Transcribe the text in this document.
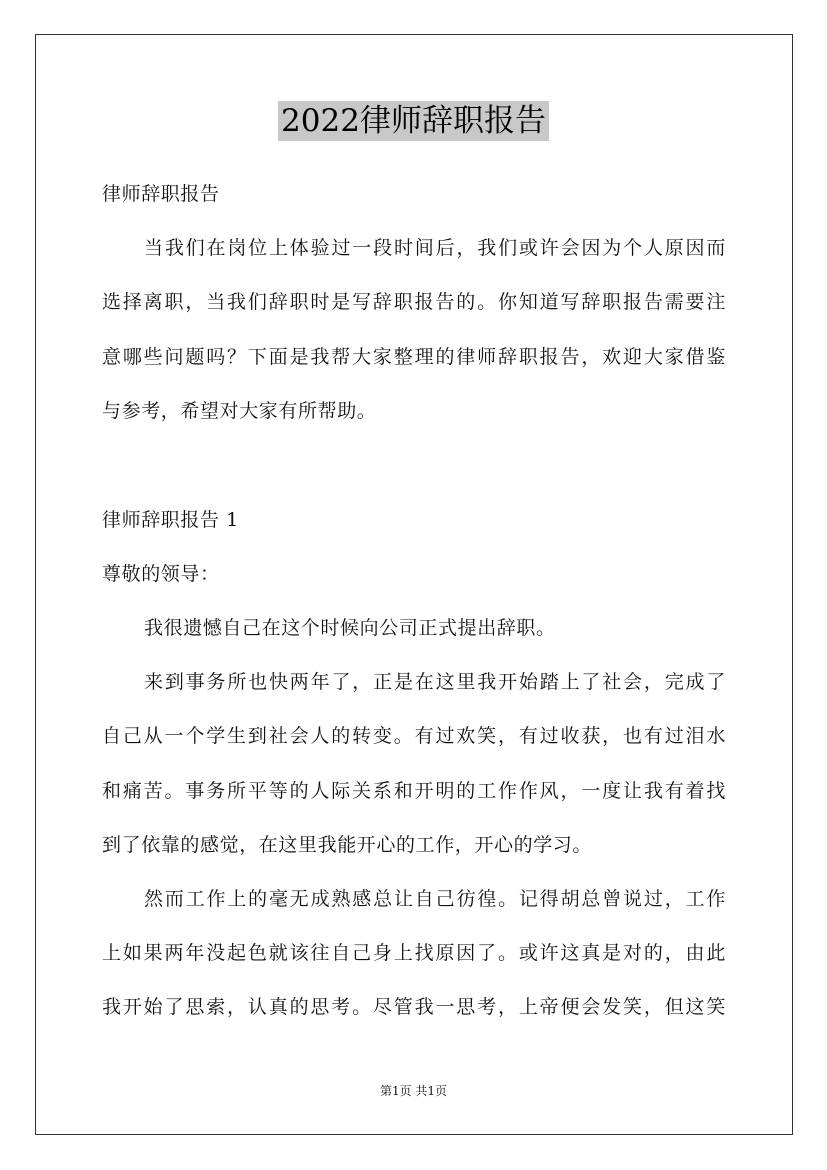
2022律师辞职报告
律师辞职报告
当我们在岗位上体验过一段时间后，我们或许会因为个人原因而
选择离职，当我们辞职时是写辞职报告的。你知道写辞职报告需要注
意哪些问题吗？下面是我帮大家整理的律师辞职报告，欢迎大家借鉴
与参考，希望对大家有所帮助。
律师辞职报告 1
尊敬的领导：
我很遗憾自己在这个时候向公司正式提出辞职。
来到事务所也快两年了，正是在这里我开始踏上了社会，完成了
自己从一个学生到社会人的转变。有过欢笑，有过收获，也有过泪水
和痛苦。事务所平等的人际关系和开明的工作作风，一度让我有着找
到了依靠的感觉，在这里我能开心的工作，开心的学习。
然而工作上的毫无成熟感总让自己彷徨。记得胡总曾说过，工作
上如果两年没起色就该往自己身上找原因了。或许这真是对的，由此
我开始了思索，认真的思考。尽管我一思考，上帝便会发笑，但这笑
第1页 共1页
